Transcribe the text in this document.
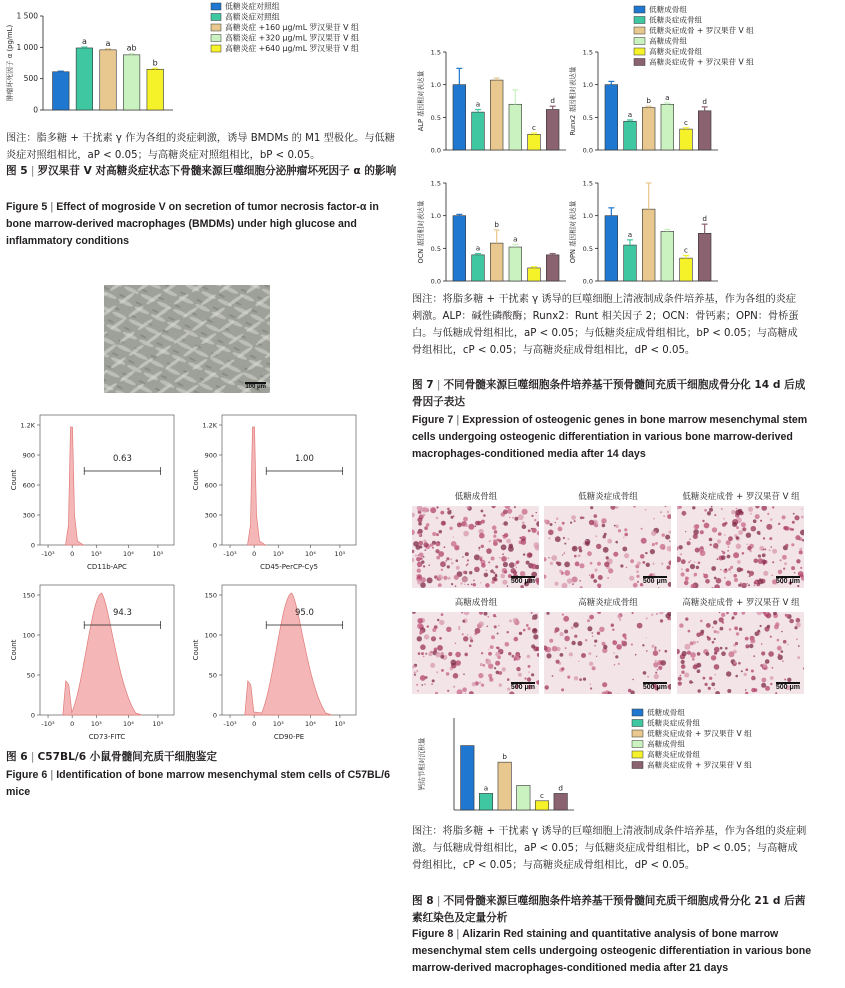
0
500
1 000
1 500
肿瘤坏死因子 α (pg/mL)	a a
ab
b
低糖炎症对照组
高糖炎症对照组
高糖炎症 +160 μg/mL 罗汉果苷 V 组
高糖炎症 +320 μg/mL 罗汉果苷 V 组
高糖炎症 +640 μg/mL 罗汉果苷 V 组
图注：脂多糖 + 干扰素 γ 作为各组的炎症刺激，诱导 BMDMs 的 M1 型极化。与低糖炎症对照组相比，aP < 0.05；与高糖炎症对照组相比，bP < 0.05。
图 5 | 罗汉果苷 V 对高糖炎症状态下骨髓来源巨噬细胞分泌肿瘤坏死因子 α 的影响
Figure 5 | Effect of mogroside V on secretion of tumor necrosis factor-α in bone marrow-derived macrophages (BMDMs) under high glucose and inflammatory conditions
100 μm
0
300
600
900
1.2K
Count
-10³ 0	10³	10⁴	10⁵
CD11b-APC
0.63
0
300
600
900
1.2K
Count
-10³ 0	10³	10⁴	10⁵
CD45-PerCP-Cy5
1.00
0
50
100
150
Count
-10³ 0	10³	10⁴	10⁵
CD73-FITC
94.3
0
50
100
150
Count
-10³ 0	10³	10⁴	10⁵
CD90-PE
95.0
图 6 | C57BL/6 小鼠骨髓间充质干细胞鉴定
Figure 6 | Identification of bone marrow mesenchymal stem cells of C57BL/6 mice
低糖成骨组
低糖炎症成骨组
低糖炎症成骨 + 罗汉果苷 V 组
高糖成骨组
高糖炎症成骨组
高糖炎症成骨 + 罗汉果苷 V 组
0.0
0.5
1.0
1.5
ALP 基因相对表达量	a
c
d
0.0
0.5
1.0
1.5
Runx2 基因相对表达量	a
b a
c
d
0.0
0.5
1.0
1.5
OCN 基因相对表达量	a
b
a
0.0
0.5
1.0
1.5
OPN 基因相对表达量	a
c
d
图注：将脂多糖 + 干扰素 γ 诱导的巨噬细胞上清液制成条件培养基，作为各组的炎症刺激。ALP：碱性磷酸酶；Runx2：Runt 相关因子 2；OCN：骨钙素；OPN：骨桥蛋白。与低糖成骨组相比，aP < 0.05；与低糖炎症成骨组相比，bP < 0.05；与高糖成骨组相比，cP < 0.05；与高糖炎症成骨组相比，dP < 0.05。
图 7 | 不同骨髓来源巨噬细胞条件培养基干预骨髓间充质干细胞成骨分化 14 d 后成骨因子表达
Figure 7 | Expression of osteogenic genes in bone marrow mesenchymal stem cells undergoing osteogenic differentiation in various bone marrow-derived macrophages-conditioned media after 14 days
低糖成骨组
500 μm
低糖炎症成骨组
500 μm
低糖炎症成骨 + 罗汉果苷 V 组
500 μm
高糖成骨组
500 μm
高糖炎症成骨组
500 μm
高糖炎症成骨 + 罗汉果苷 V 组
500 μm
钙结节相对沉积量	a
b
c
d
低糖成骨组
低糖炎症成骨组
低糖炎症成骨 + 罗汉果苷 V 组
高糖成骨组
高糖炎症成骨组
高糖炎症成骨 + 罗汉果苷 V 组
图注：将脂多糖 + 干扰素 γ 诱导的巨噬细胞上清液制成条件培养基，作为各组的炎症刺激。与低糖成骨组相比，aP < 0.05；与低糖炎症成骨组相比，bP < 0.05；与高糖成骨组相比，cP < 0.05；与高糖炎症成骨组相比，dP < 0.05。
图 8 | 不同骨髓来源巨噬细胞条件培养基干预骨髓间充质干细胞成骨分化 21 d 后茜素红染色及定量分析
Figure 8 | Alizarin Red staining and quantitative analysis of bone marrow mesenchymal stem cells undergoing osteogenic differentiation in various bone marrow-derived macrophages-conditioned media after 21 days
